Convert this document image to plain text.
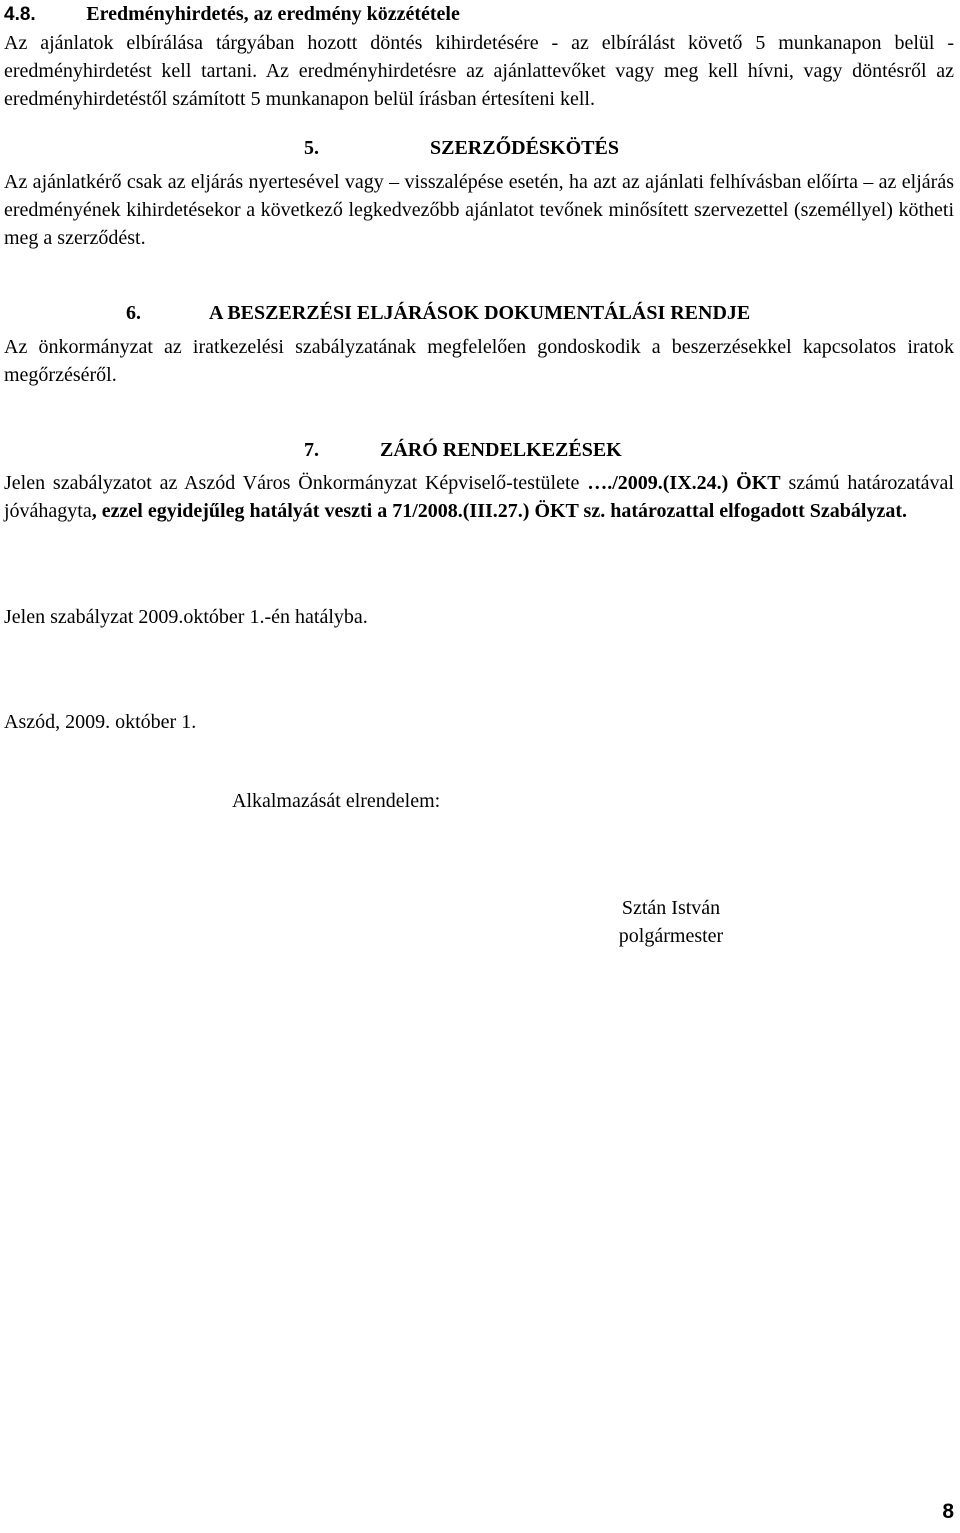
4.8.	Eredményhirdetés, az eredmény közzététele

Az ajánlatok elbírálása tárgyában hozott döntés kihirdetésére - az elbírálást követő 5 munkanapon belül - eredményhirdetést kell tartani. Az eredményhirdetésre az ajánlattevőket vagy meg kell hívni, vagy döntésről az eredményhirdetéstől számított 5 munkanapon belül írásban értesíteni kell.

5.	SZERZŐDÉSKÖTÉS

Az ajánlatkérő csak az eljárás nyertesével vagy – visszalépése esetén, ha azt az ajánlati felhívásban előírta – az eljárás eredményének kihirdetésekor a következő legkedvezőbb ajánlatot tevőnek minősített szervezettel (személlyel) kötheti meg a szerződést.

6.	A BESZERZÉSI ELJÁRÁSOK DOKUMENTÁLÁSI RENDJE

Az önkormányzat az iratkezelési szabályzatának megfelelően gondoskodik a beszerzésekkel kapcsolatos iratok megőrzéséről.

7.	ZÁRÓ RENDELKEZÉSEK

Jelen szabályzatot az Aszód Város Önkormányzat Képviselő-testülete …./2009.(IX.24.) ÖKT számú határozatával jóváhagyta, ezzel egyidejűleg hatályát veszti a 71/2008.(III.27.) ÖKT sz. határozattal elfogadott Szabályzat.

Jelen szabályzat 2009.október 1.-én hatályba.

Aszód, 2009. október 1.

Alkalmazását elrendelem:

Sztán István
polgármester
8
